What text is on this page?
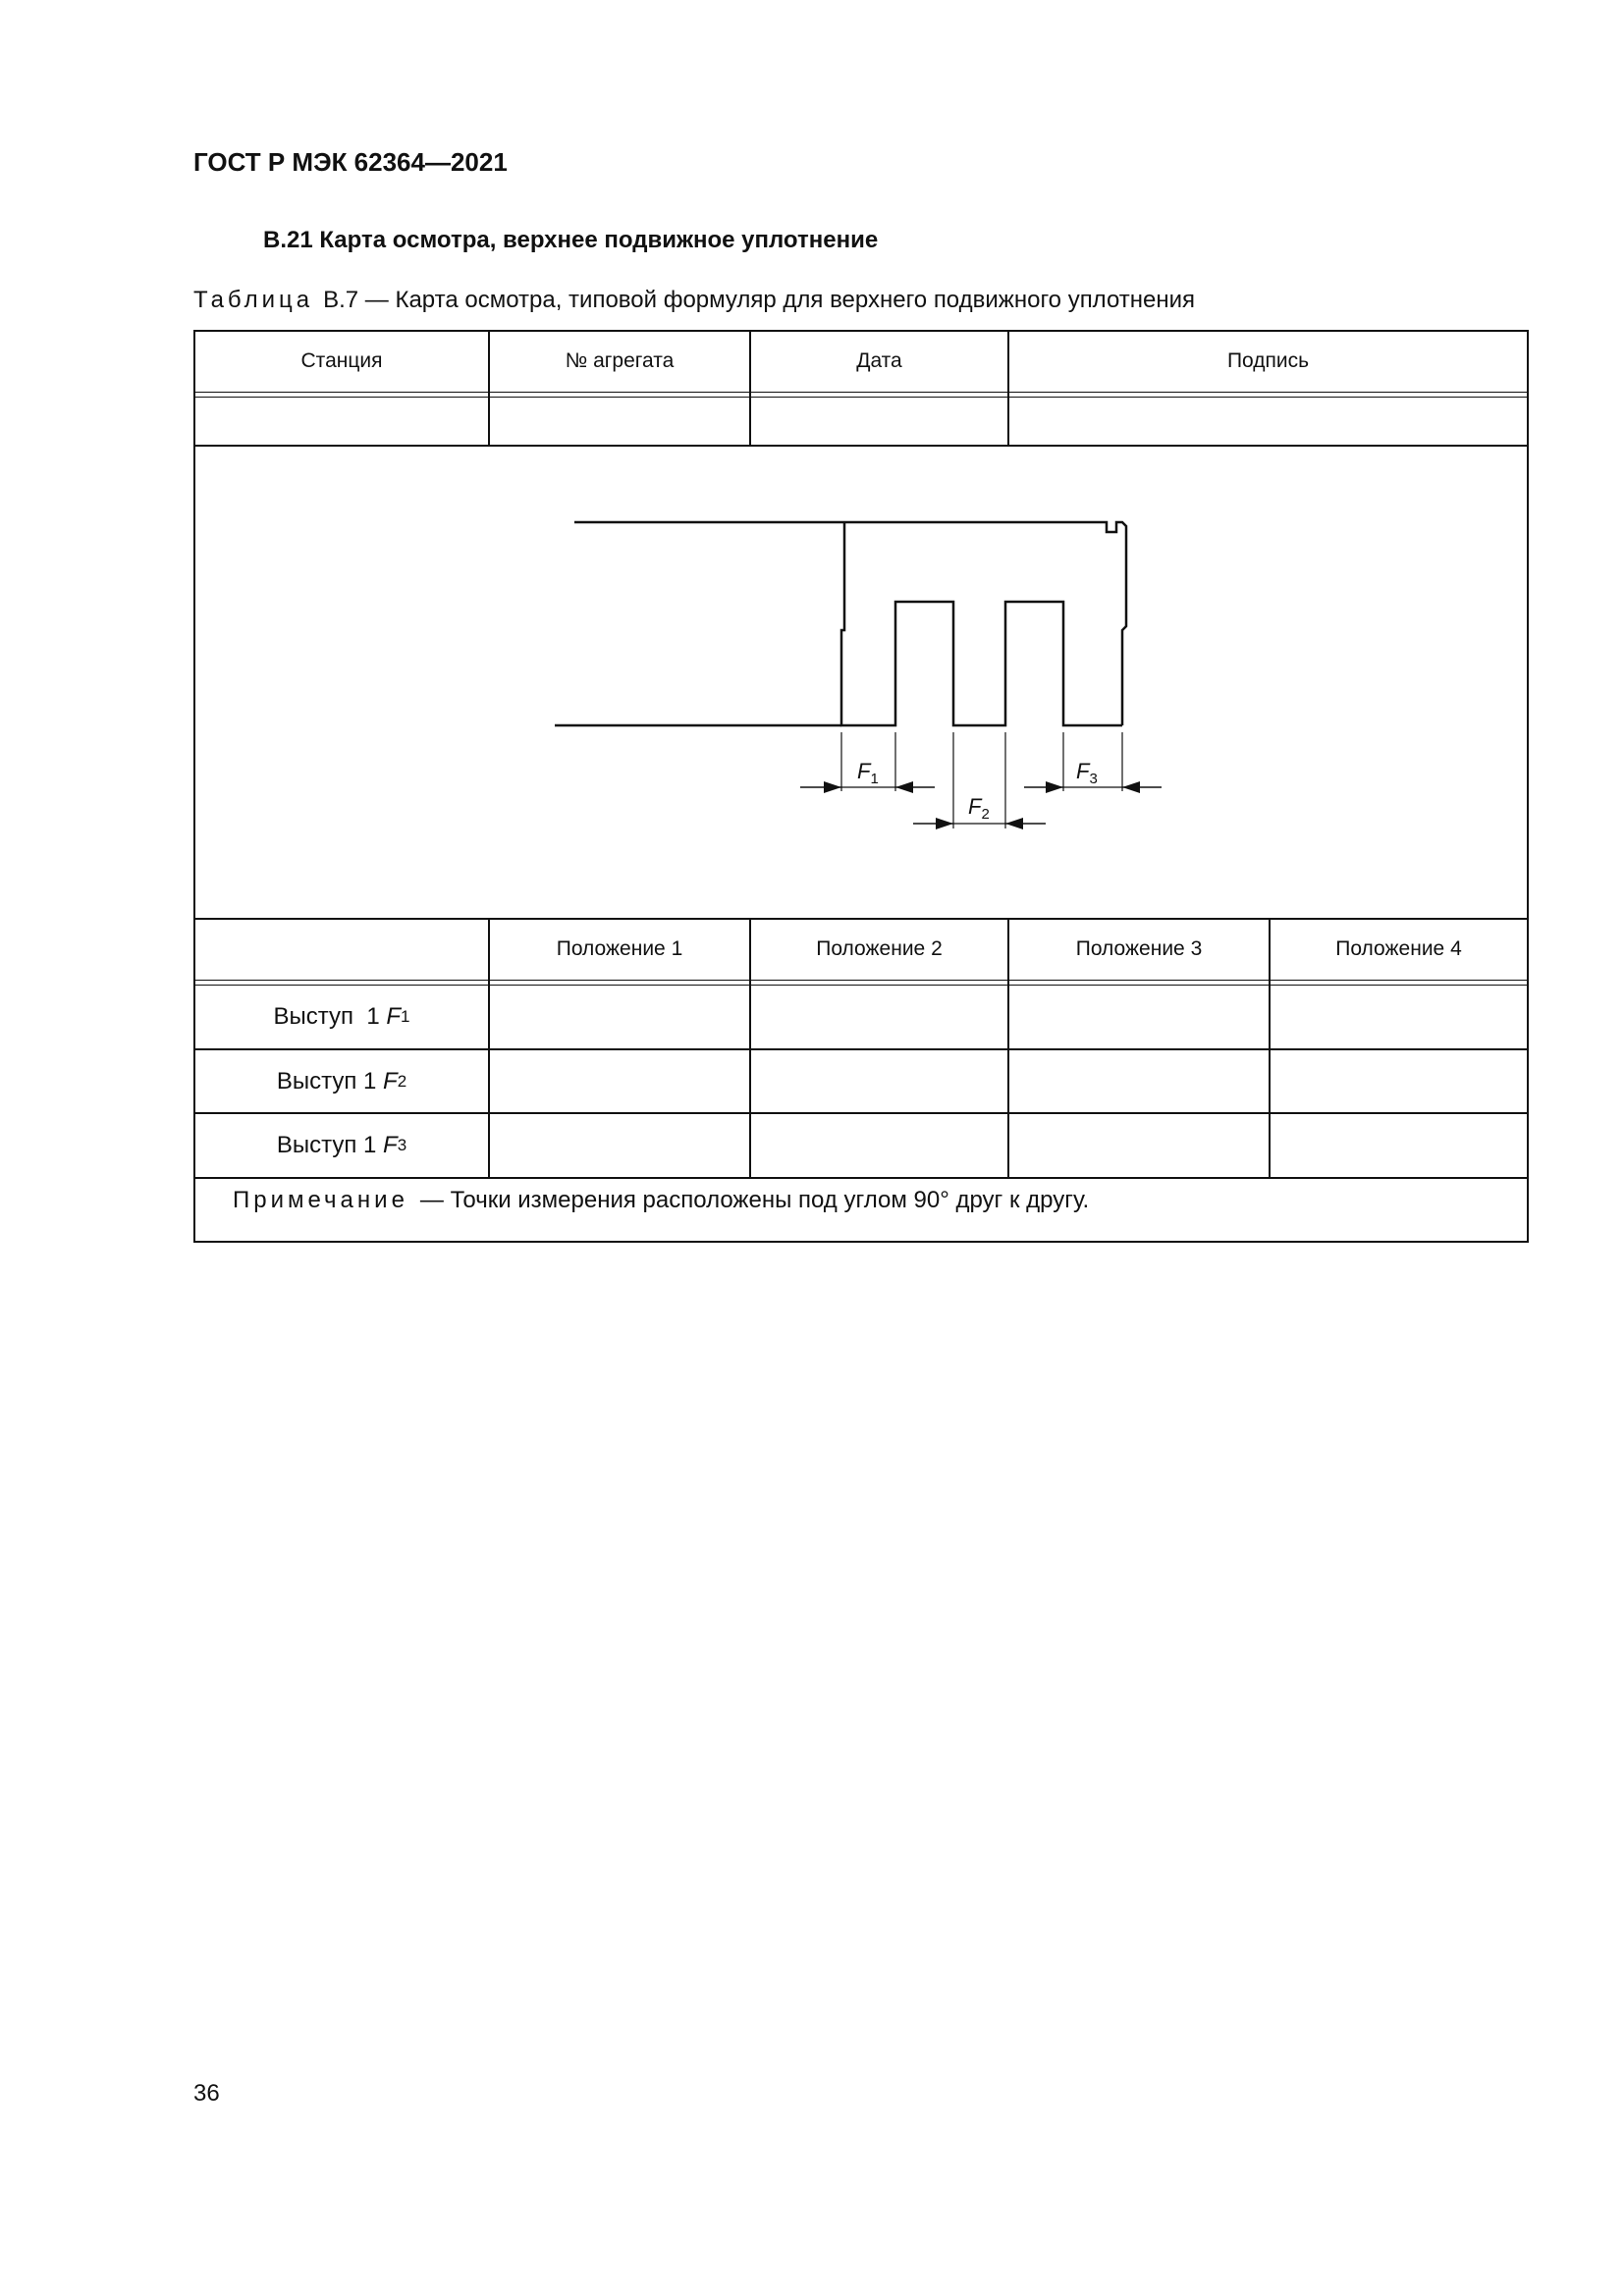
ГОСТ Р МЭК 62364—2021
В.21 Карта осмотра, верхнее подвижное уплотнение
Таблица В.7 — Карта осмотра, типовой формуляр для верхнего подвижного уплотнения
Станция	№ агрегата	Дата	Подпись
$F_1$
$F_2$
$F_3$
Положение 1	Положение 2	Положение 3	Положение 4
Выступ  1 F 1
Выступ 1 F 2
Выступ 1 F 3
Примечание — Точки измерения расположены под углом 90° друг к другу.
36
